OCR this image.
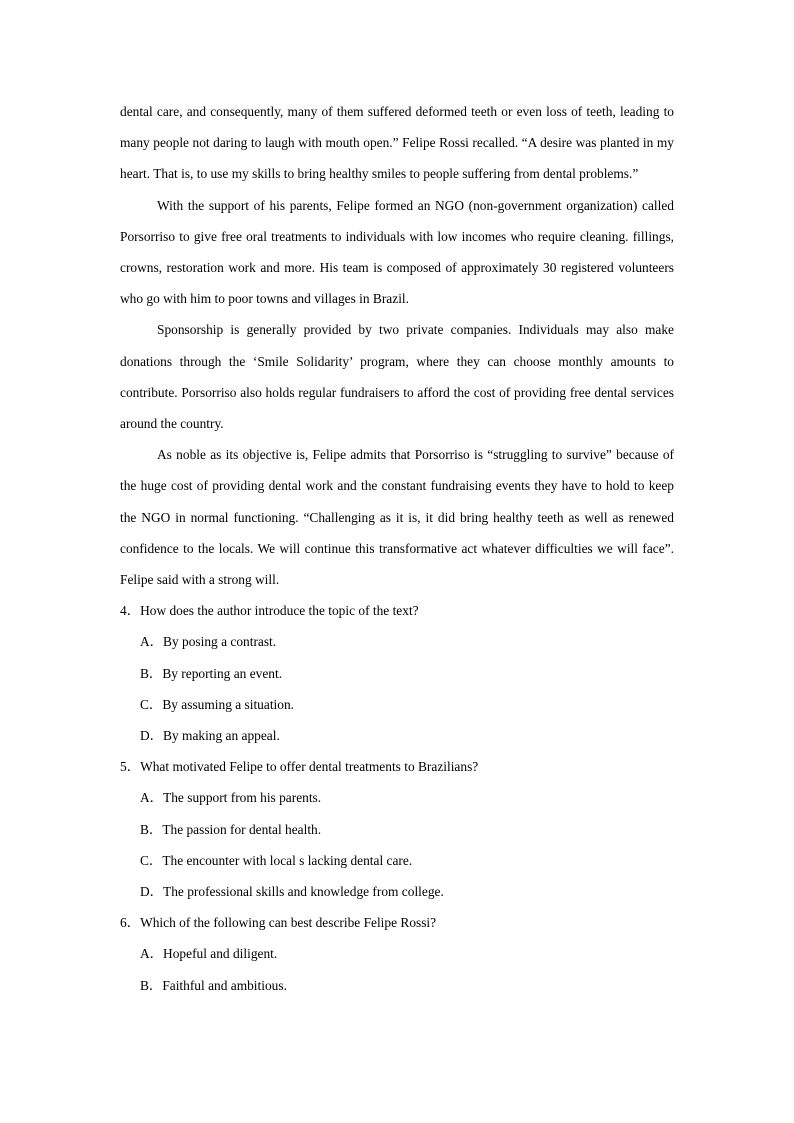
dental care, and consequently, many of them suffered deformed teeth or even loss of teeth, leading to many people not daring to laugh with mouth open.” Felipe Rossi recalled. “A desire was planted in my heart. That is, to use my skills to bring healthy smiles to people suffering from dental problems.”

With the support of his parents, Felipe formed an NGO (non-government organization) called Porsorriso to give free oral treatments to individuals with low incomes who require cleaning. fillings, crowns, restoration work and more. His team is composed of approximately 30 registered volunteers who go with him to poor towns and villages in Brazil.

Sponsorship is generally provided by two private companies. Individuals may also make donations through the ‘Smile Solidarity’ program, where they can choose monthly amounts to contribute. Porsorriso also holds regular fundraisers to afford the cost of providing free dental services around the country.

As noble as its objective is, Felipe admits that Porsorriso is “struggling to survive” because of the huge cost of providing dental work and the constant fundraising events they have to hold to keep the NGO in normal functioning. “Challenging as it is, it did bring healthy teeth as well as renewed confidence to the locals. We will continue this transformative act whatever difficulties we will face”. Felipe said with a strong will.

4．How does the author introduce the topic of the text?

A．By posing a contrast.

B．By reporting an event.

C．By assuming a situation.

D．By making an appeal.

5．What motivated Felipe to offer dental treatments to Brazilians?

A．The support from his parents.

B．The passion for dental health.

C．The encounter with local s lacking dental care.

D．The professional skills and knowledge from college.

6．Which of the following can best describe Felipe Rossi?

A．Hopeful and diligent.

B．Faithful and ambitious.
